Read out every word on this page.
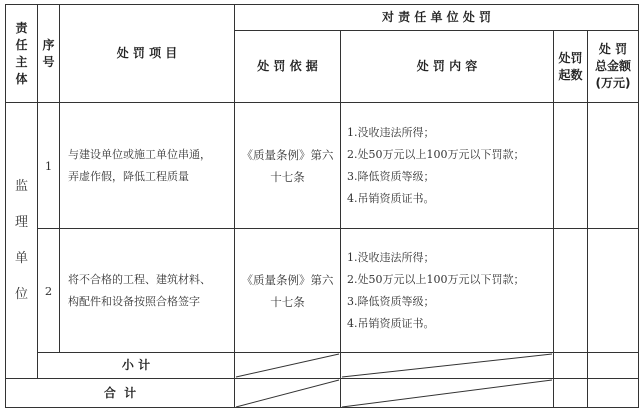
责
任
主
体
序
号
处 罚 项 目
对 责 任 单 位 处 罚
处 罚 依 据	处 罚 内 容
处罚
起数
处 罚
总金额
(万元)
监
理
单
位
1
与建设单位或施工单位串通，
弄虚作假，降低工程质量
《质量条例》第六
十七条
1.没收违法所得；
2.处50万元以上100万元以下罚款；
3.降低资质等级；
4.吊销资质证书。
2
将不合格的工程、建筑材料、
构配件和设备按照合格签字
《质量条例》第六
十七条
1.没收违法所得；
2.处50万元以上100万元以下罚款；
3.降低资质等级；
4.吊销资质证书。
小 计
合  计
